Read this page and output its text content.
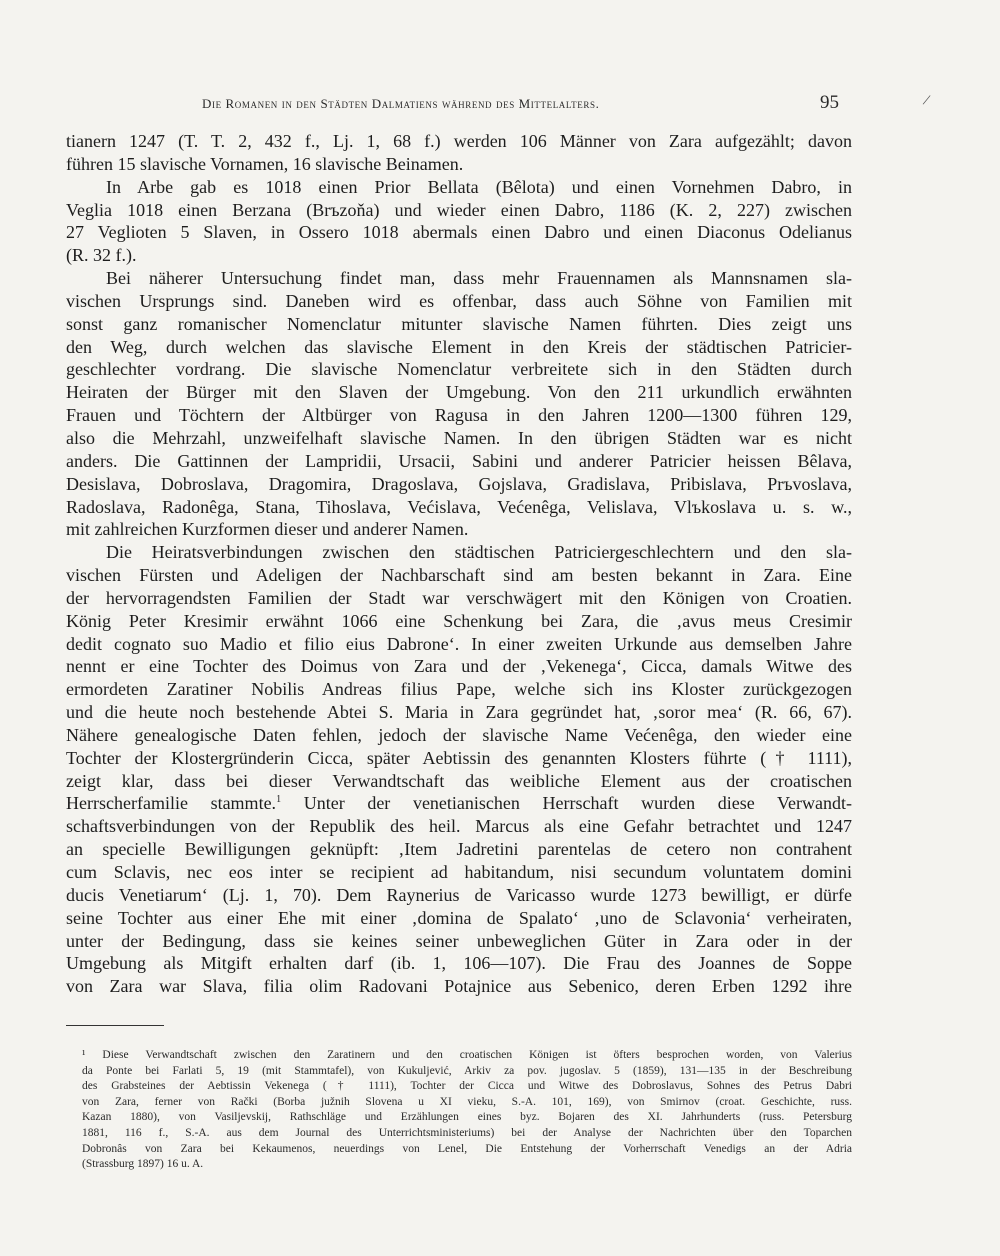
Die Romanen in den Städten Dalmatiens während des Mittelalters.	95	/
tianern 1247 (T. T. 2, 432 f., Lj. 1, 68 f.) werden 106 Männer von Zara aufgezählt; davon
führen 15 slavische Vornamen, 16 slavische Beinamen.
In Arbe gab es 1018 einen Prior Bellata (Bêlota) und einen Vornehmen Dabro, in
Veglia 1018 einen Berzana (Brъzoňa) und wieder einen Dabro, 1186 (K. 2, 227) zwischen
27 Veglioten 5 Slaven, in Ossero 1018 abermals einen Dabro und einen Diaconus Odelianus
(R. 32 f.).
Bei näherer Untersuchung findet man, dass mehr Frauennamen als Mannsnamen sla-
vischen Ursprungs sind. Daneben wird es offenbar, dass auch Söhne von Familien mit
sonst ganz romanischer Nomenclatur mitunter slavische Namen führten. Dies zeigt uns
den Weg, durch welchen das slavische Element in den Kreis der städtischen Patricier-
geschlechter vordrang. Die slavische Nomenclatur verbreitete sich in den Städten durch
Heiraten der Bürger mit den Slaven der Umgebung. Von den 211 urkundlich erwähnten
Frauen und Töchtern der Altbürger von Ragusa in den Jahren 1200—1300 führen 129,
also die Mehrzahl, unzweifelhaft slavische Namen. In den übrigen Städten war es nicht
anders. Die Gattinnen der Lampridii, Ursacii, Sabini und anderer Patricier heissen Bêlava,
Desislava, Dobroslava, Dragomira, Dragoslava, Gojslava, Gradislava, Pribislava, Prъvoslava,
Radoslava, Radonêga, Stana, Tihoslava, Većislava, Većenêga, Velislava, Vlъkoslava u. s. w.,
mit zahlreichen Kurzformen dieser und anderer Namen.
Die Heiratsverbindungen zwischen den städtischen Patriciergeschlechtern und den sla-
vischen Fürsten und Adeligen der Nachbarschaft sind am besten bekannt in Zara. Eine
der hervorragendsten Familien der Stadt war verschwägert mit den Königen von Croatien.
König Peter Kresimir erwähnt 1066 eine Schenkung bei Zara, die ‚avus meus Cresimir
dedit cognato suo Madio et filio eius Dabrone‘. In einer zweiten Urkunde aus demselben Jahre
nennt er eine Tochter des Doimus von Zara und der ‚Vekenega‘, Cicca, damals Witwe des
ermordeten Zaratiner Nobilis Andreas filius Pape, welche sich ins Kloster zurückgezogen
und die heute noch bestehende Abtei S. Maria in Zara gegründet hat, ‚soror mea‘ (R. 66, 67).
Nähere genealogische Daten fehlen, jedoch der slavische Name Većenêga, den wieder eine
Tochter der Klostergründerin Cicca, später Aebtissin des genannten Klosters führte († 1111),
zeigt klar, dass bei dieser Verwandtschaft das weibliche Element aus der croatischen
Herrscherfamilie stammte.$^1$ Unter der venetianischen Herrschaft wurden diese Verwandt-
schaftsverbindungen von der Republik des heil. Marcus als eine Gefahr betrachtet und 1247
an specielle Bewilligungen geknüpft: ‚Item Jadretini parentelas de cetero non contrahent
cum Sclavis, nec eos inter se recipient ad habitandum, nisi secundum voluntatem domini
ducis Venetiarum‘ (Lj. 1, 70). Dem Raynerius de Varicasso wurde 1273 bewilligt, er dürfe
seine Tochter aus einer Ehe mit einer ‚domina de Spalato‘ ‚uno de Sclavonia‘ verheiraten,
unter der Bedingung, dass sie keines seiner unbeweglichen Güter in Zara oder in der
Umgebung als Mitgift erhalten darf (ib. 1, 106—107). Die Frau des Joannes de Soppe
von Zara war Slava, filia olim Radovani Potajnice aus Sebenico, deren Erben 1292 ihre
¹ Diese Verwandtschaft zwischen den Zaratinern und den croatischen Königen ist öfters besprochen worden, von Valerius
da Ponte bei Farlati 5, 19 (mit Stammtafel), von Kukuljević, Arkiv za pov. jugoslav. 5 (1859), 131—135 in der Beschreibung
des Grabsteines der Aebtissin Vekenega († 1111), Tochter der Cicca und Witwe des Dobroslavus, Sohnes des Petrus Dabri
von Zara, ferner von Rački (Borba južnih Slovena u XI vieku, S.-A. 101, 169), von Smirnov (croat. Geschichte, russ.
Kazan 1880), von Vasiljevskij, Rathschläge und Erzählungen eines byz. Bojaren des XI. Jahrhunderts (russ. Petersburg
1881, 116 f., S.-A. aus dem Journal des Unterrichtsministeriums) bei der Analyse der Nachrichten über den Toparchen
Dobronâs von Zara bei Kekaumenos, neuerdings von Lenel, Die Entstehung der Vorherrschaft Venedigs an der Adria
(Strassburg 1897) 16 u. A.
